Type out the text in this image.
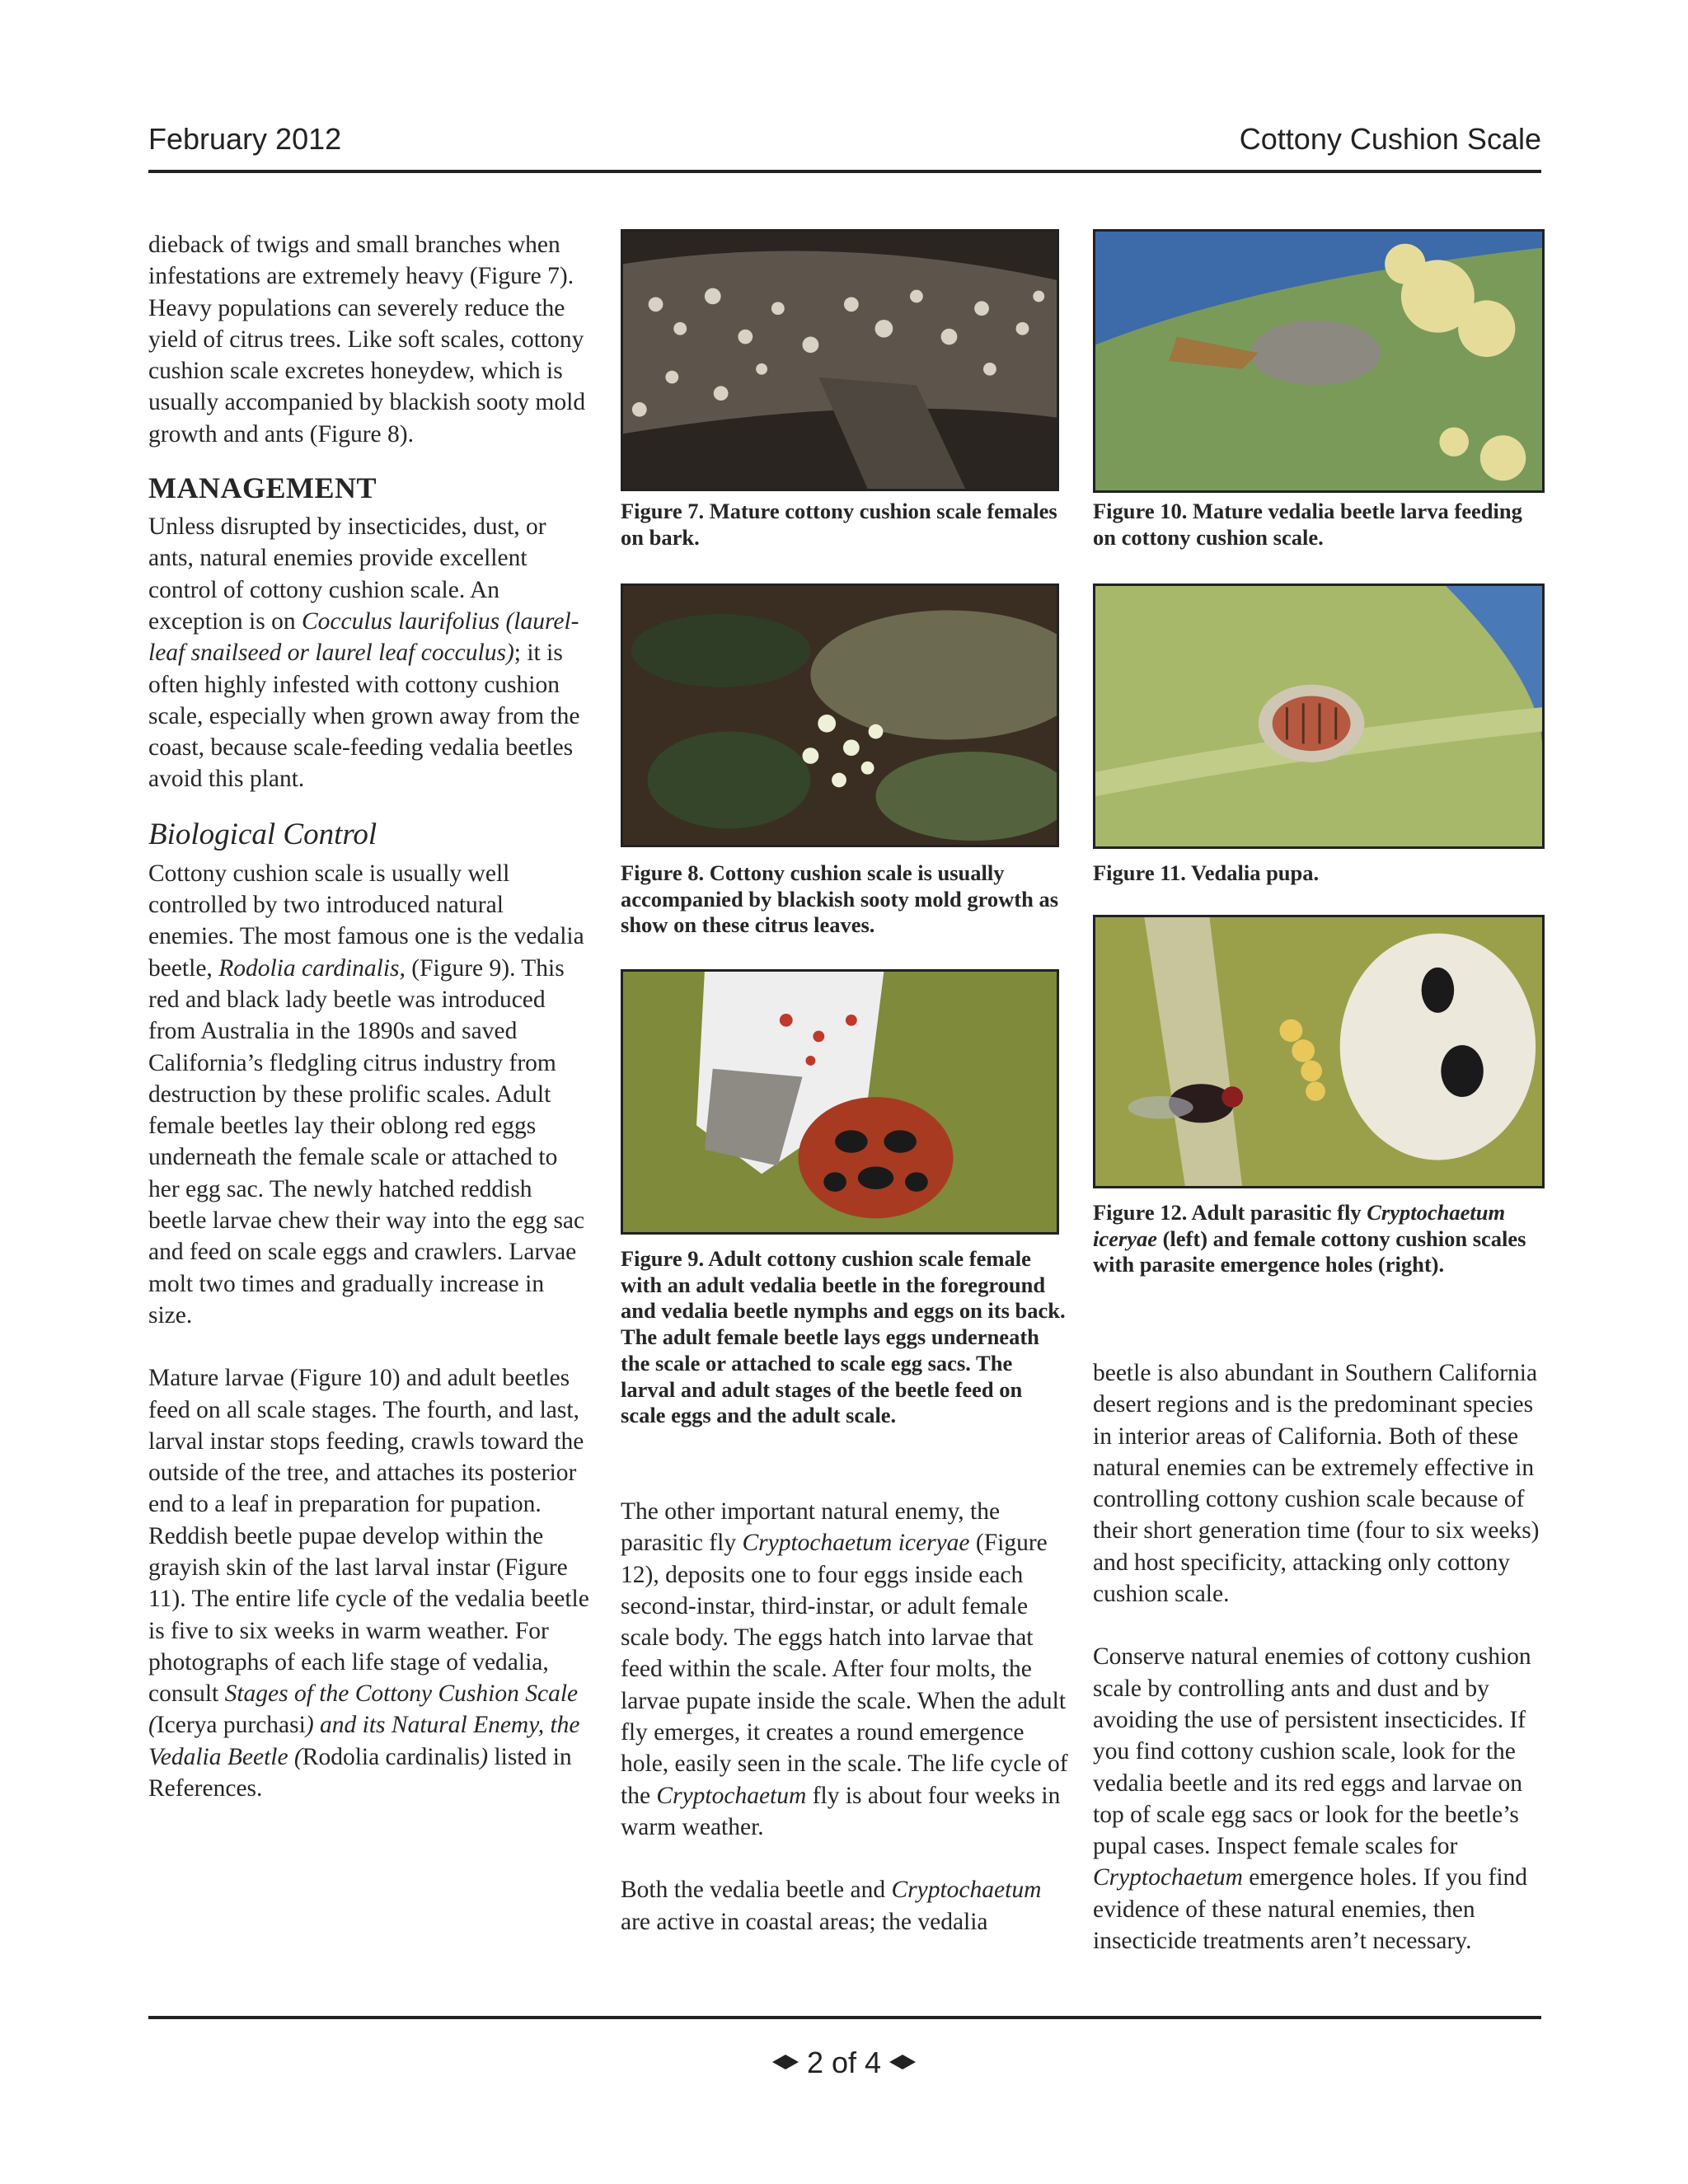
February 2012	Cottony Cushion Scale

dieback of twigs and small branches when infestations are extremely heavy (Figure 7). Heavy populations can severely reduce the yield of citrus trees. Like soft scales, cottony cushion scale excretes honeydew, which is usually accompanied by blackish sooty mold growth and ants (Figure 8).

MANAGEMENT

Unless disrupted by insecticides, dust, or ants, natural enemies provide excellent control of cottony cushion scale. An exception is on Cocculus laurifolius (laurel-leaf snailseed or laurel leaf cocculus); it is often highly infested with cottony cushion scale, especially when grown away from the coast, because scale-feeding vedalia beetles avoid this plant.

Biological Control

Cottony cushion scale is usually well controlled by two introduced natural enemies. The most famous one is the vedalia beetle, Rodolia cardinalis, (Figure 9). This red and black lady beetle was introduced from Australia in the 1890s and saved California’s fledgling citrus industry from destruction by these prolific scales. Adult female beetles lay their oblong red eggs underneath the female scale or attached to her egg sac. The newly hatched reddish beetle larvae chew their way into the egg sac and feed on scale eggs and crawlers. Larvae molt two times and gradually increase in size.

Mature larvae (Figure 10) and adult beetles feed on all scale stages. The fourth, and last, larval instar stops feeding, crawls toward the outside of the tree, and attaches its posterior end to a leaf in preparation for pupation. Reddish beetle pupae develop within the grayish skin of the last larval instar (Figure 11). The entire life cycle of the vedalia beetle is five to six weeks in warm weather. For photographs of each life stage of vedalia, consult Stages of the Cottony Cushion Scale (Icerya purchasi) and its Natural Enemy, the Vedalia Beetle (Rodolia cardinalis) listed in References.

Figure 7. Mature cottony cushion scale females on bark.
Figure 8. Cottony cushion scale is usually accompanied by blackish sooty mold growth as show on these citrus leaves.
Figure 9. Adult cottony cushion scale female with an adult vedalia beetle in the foreground and vedalia beetle nymphs and eggs on its back. The adult female beetle lays eggs underneath the scale or attached to scale egg sacs. The larval and adult stages of the beetle feed on scale eggs and the adult scale.

The other important natural enemy, the parasitic fly Cryptochaetum iceryae (Figure 12), deposits one to four eggs inside each second-instar, third-instar, or adult female scale body. The eggs hatch into larvae that feed within the scale. After four molts, the larvae pupate inside the scale. When the adult fly emerges, it creates a round emergence hole, easily seen in the scale. The life cycle of the Cryptochaetum fly is about four weeks in warm weather.

Both the vedalia beetle and Cryptochaetum are active in coastal areas; the vedalia

Figure 10. Mature vedalia beetle larva feeding on cottony cushion scale.
Figure 11. Vedalia pupa.
Figure 12. Adult parasitic fly Cryptochaetum iceryae (left) and female cottony cushion scales with parasite emergence holes (right).

beetle is also abundant in Southern California desert regions and is the predominant species in interior areas of California. Both of these natural enemies can be extremely effective in controlling cottony cushion scale because of their short generation time (four to six weeks) and host specificity, attacking only cottony cushion scale.

Conserve natural enemies of cottony cushion scale by controlling ants and dust and by avoiding the use of persistent insecticides. If you find cottony cushion scale, look for the vedalia beetle and its red eggs and larvae on top of scale egg sacs or look for the beetle’s pupal cases. Inspect female scales for Cryptochaetum emergence holes. If you find evidence of these natural enemies, then insecticide treatments aren’t necessary.

2 of 4
